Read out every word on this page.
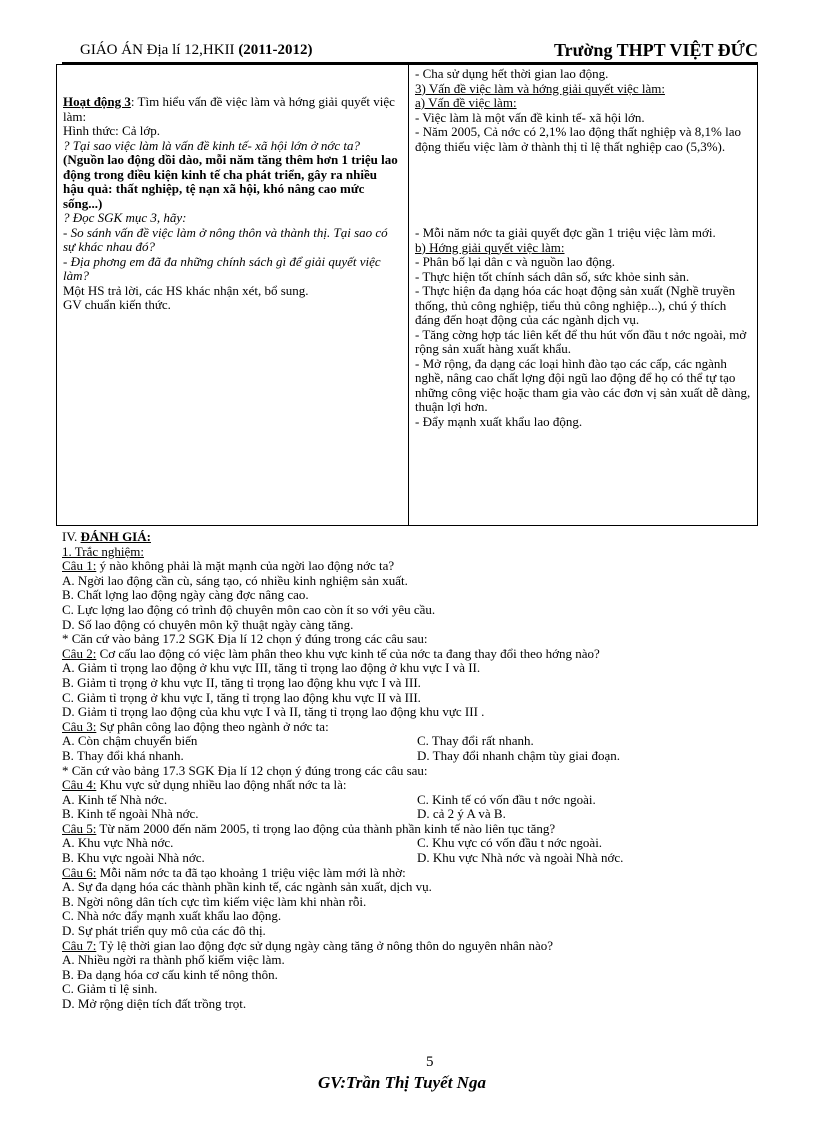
GIÁO ÁN Địa lí 12,HKII (2011-2012)	Trường THPT VIỆT ĐỨC

Hoạt động 3: Tìm hiểu vấn đề việc làm và hớng giải quyết việc làm:

Hình thức: Cả lớp.

? Tại sao việc làm là vấn đề kinh tế- xã hội lớn ở nớc ta?

(Nguồn lao động dồi dào, mỗi năm tăng thêm hơn 1 triệu lao động trong điều kiện kinh tế cha phát triển, gây ra nhiều hậu quả: thất nghiệp, tệ nạn xã hội, khó nâng cao mức sống...)

? Đọc SGK mục 3, hãy:

- So sánh vấn đề việc làm ở nông thôn và thành thị. Tại sao có sự khác nhau đó?

- Địa phơng em đã đa những chính sách gì để giải quyết việc làm?

Một HS trả lời, các HS khác nhận xét, bổ sung.

GV chuẩn kiến thức.

- Cha sử dụng hết thời gian lao động.

3) Vấn đề việc làm và hớng giải quyết việc làm:

a) Vấn đề việc làm:

- Việc làm là một vấn đề kinh tế- xã hội lớn.

- Năm 2005, Cả nớc có 2,1% lao động thất nghiệp và 8,1% lao động thiếu việc làm ở thành thị tỉ lệ thất nghiệp cao (5,3%).

- Mỗi năm nớc ta giải quyết đợc gần 1 triệu việc làm mới.

b) Hớng giải quyết việc làm:

- Phân bố lại dân c và nguồn lao động.

- Thực hiện tốt chính sách dân số, sức khỏe sinh sản.

- Thực hiện đa dạng hóa các hoạt động sản xuất (Nghề truyền thống, thủ công nghiệp, tiểu thủ công nghiệp...), chú ý thích đáng đến hoạt động của các ngành dịch vụ.

- Tăng cờng hợp tác liên kết để thu hút vốn đầu t nớc ngoài, mở rộng sản xuất hàng xuất khẩu.

- Mở rộng, đa dạng các loại hình đào tạo các cấp, các ngành nghề, nâng cao chất lợng đội ngũ lao động để họ có thể tự tạo những công việc hoặc tham gia vào các đơn vị sản xuất dễ dàng, thuận lợi hơn.

- Đẩy mạnh xuất khẩu lao động.

IV. ĐÁNH GIÁ:

1. Trắc nghiệm:

Câu 1: ý nào không phải là mặt mạnh của ngời lao động nớc ta?

A. Ngời lao động cần cù, sáng tạo, có nhiều kinh nghiệm sản xuất.

B. Chất lợng lao động ngày càng đợc nâng cao.

C. Lực lợng lao động có trình độ chuyên môn cao còn ít so với yêu cầu.

D. Số lao động có chuyên môn kỹ thuật ngày càng tăng.

* Căn cứ vào bảng 17.2 SGK Địa lí 12 chọn ý đúng trong các câu sau:

Câu 2: Cơ cấu lao động có việc làm phân theo khu vực kinh tế của nớc ta đang thay đổi theo hớng nào?

A. Giảm tỉ trọng lao động ở khu vực III, tăng tỉ trọng lao động ở khu vực I và II.

B. Giảm tỉ trọng ở khu vực II, tăng tỉ trọng lao động khu vực I và III.

C. Giảm tỉ trọng ở khu vực I, tăng tỉ trọng lao động khu vực II và III.

D. Giảm tỉ trọng lao động của khu vực I và II, tăng tỉ trọng lao động khu vực III .

Câu 3: Sự phân công lao động theo ngành ở nớc ta:

A. Còn chậm chuyển biến	C. Thay đổi rất nhanh.
B. Thay đổi khá nhanh.	D. Thay đổi nhanh chậm tùy giai đoạn.

* Căn cứ vào bảng 17.3 SGK Địa lí 12 chọn ý đúng trong các câu sau:

Câu 4: Khu vực sử dụng nhiều lao động nhất nớc ta là:

A. Kinh tế Nhà nớc.	C. Kinh tế có vốn đầu t nớc ngoài.
B. Kinh tế ngoài Nhà nớc.	D. cả 2 ý A và B.

Câu 5: Từ năm 2000 đến năm 2005, tỉ trọng lao động của thành phần kinh tế nào liên tục tăng?

A. Khu vực Nhà nớc.	C. Khu vực có vốn đầu t nớc ngoài.
B. Khu vực ngoài Nhà nớc.	D. Khu vực Nhà nớc và ngoài Nhà nớc.

Câu 6: Mỗi năm nớc ta đã tạo khoảng 1 triệu việc làm mới là nhờ:

A. Sự đa dạng hóa các thành phần kinh tế, các ngành sản xuất, dịch vụ.

B. Ngời nông dân tích cực tìm kiếm việc làm khi nhàn rỗi.

C. Nhà nớc đẩy mạnh xuất khẩu lao động.

D. Sự phát triển quy mô của các đô thị.

Câu 7: Tỷ lệ thời gian lao động đợc sử dụng ngày càng tăng ở nông thôn do nguyên nhân nào?

A. Nhiều ngời ra thành phố kiếm việc làm.

B. Đa dạng hóa cơ cấu kinh tế nông thôn.

C. Giảm tỉ lệ sinh.

D. Mở rộng diện tích đất trồng trọt.

5
GV:Trần Thị Tuyết Nga
